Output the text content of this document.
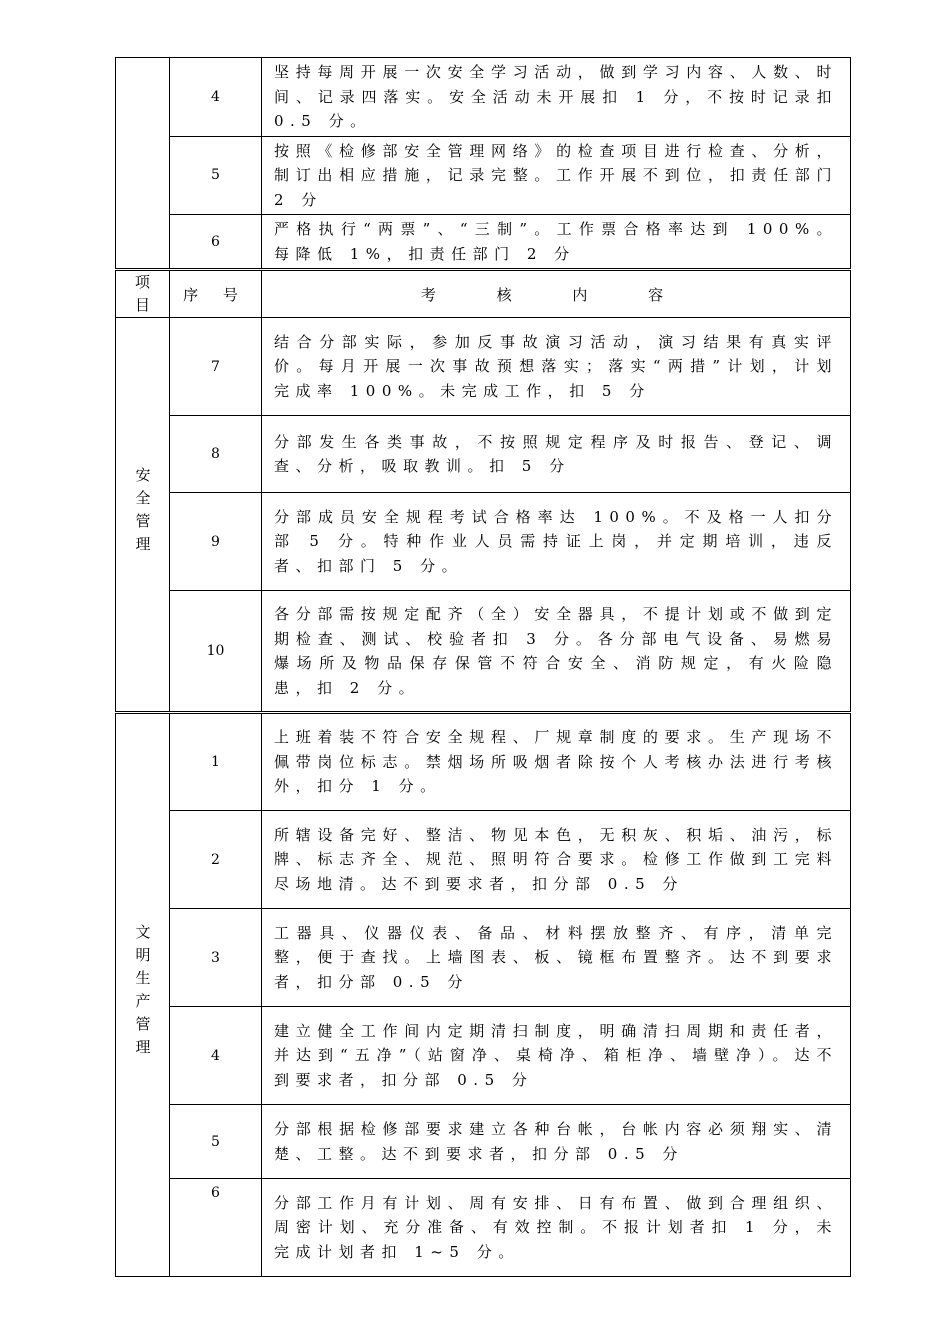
	4	坚持每周开展一次安全学习活动，做到学习内容、人数、时间、记录四落实。安全活动未开展扣 1 分，不按时记录扣 0.5 分。
	5	按照《检修部安全管理网络》的检查项目进行检查、分析，制订出相应措施，记录完整。工作开展不到位，扣责任部门 2 分
	6	严格执行“两票”、“三制”。工作票合格率达到 100%。每降低 1%，扣责任部门 2 分
项目	序 号	考 核 内 容
安全管理	7	结合分部实际，参加反事故演习活动，演习结果有真实评价。每月开展一次事故预想落实；落实“两措”计划，计划完成率 100%。未完成工作，扣 5 分
	8	分部发生各类事故，不按照规定程序及时报告、登记、调查、分析，吸取教训。扣 5 分
	9	分部成员安全规程考试合格率达 100%。不及格一人扣分部 5 分。特种作业人员需持证上岗，并定期培训，违反者、扣部门 5 分。
	10	各分部需按规定配齐（全）安全器具，不提计划或不做到定期检查、测试、校验者扣 3 分。各分部电气设备、易燃易爆场所及物品保存保管不符合安全、消防规定，有火险隐患，扣 2 分。
文明生产管理	1	上班着装不符合安全规程、厂规章制度的要求。生产现场不佩带岗位标志。禁烟场所吸烟者除按个人考核办法进行考核外，扣分 1 分。
	2	所辖设备完好、整洁、物见本色，无积灰、积垢、油污，标牌、标志齐全、规范、照明符合要求。检修工作做到工完料尽场地清。达不到要求者，扣分部 0.5 分
	3	工器具、仪器仪表、备品、材料摆放整齐、有序，清单完整，便于查找。上墙图表、板、镜框布置整齐。达不到要求者，扣分部 0.5 分
	4	建立健全工作间内定期清扫制度，明确清扫周期和责任者，并达到“五净”（站窗净、桌椅净、箱柜净、墙壁净）。达不到要求者，扣分部 0.5 分
	5	分部根据检修部要求建立各种台帐，台帐内容必须翔实、清楚、工整。达不到要求者，扣分部 0.5 分
	6	分部工作月有计划、周有安排、日有布置、做到合理组织、周密计划、充分准备、有效控制。不报计划者扣 1 分，未完成计划者扣 1~5 分。
